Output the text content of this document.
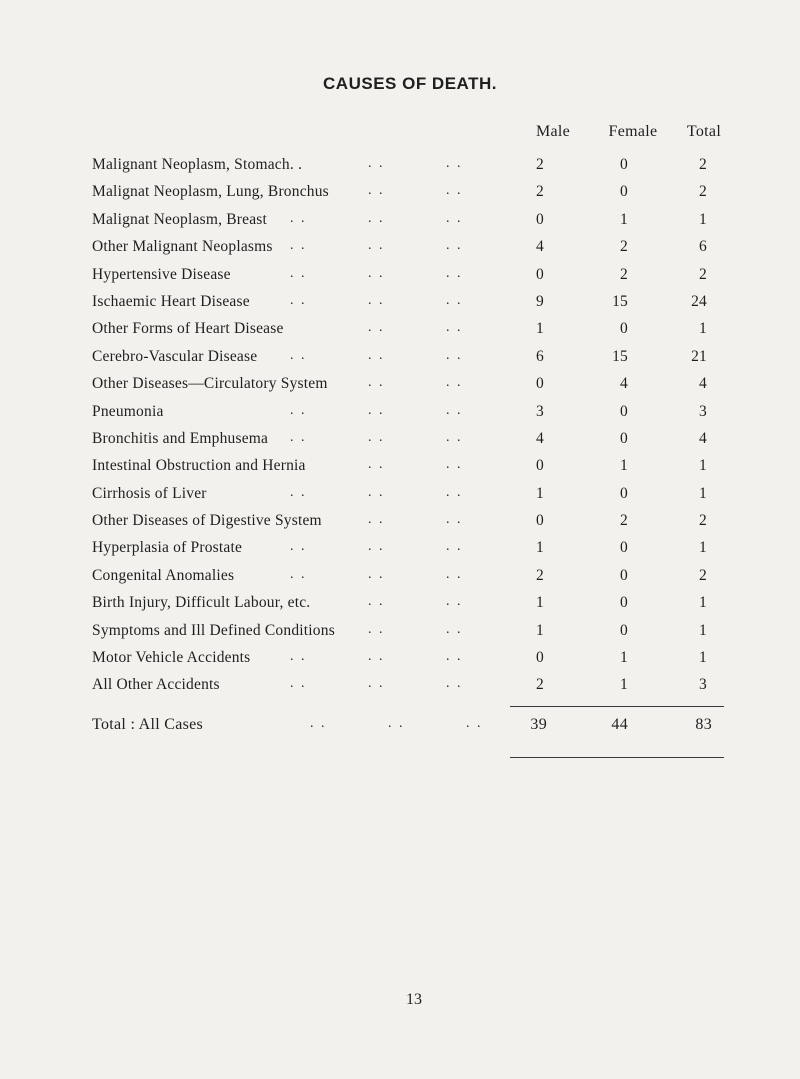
CAUSES OF DEATH.
Male	Female	Total
Malignant Neoplasm, Stomach. .	. .	. .	2	0	2
Malignat Neoplasm, Lung, Bronchus	. .	. .	2	0	2
Malignat Neoplasm, Breast . .	. .	. .	0	1	1
Other Malignant Neoplasms . .	. .	. .	4	2	6
Hypertensive Disease	. .	. .	. .	0	2	2
Ischaemic Heart Disease	. .	. .	. .	9	15	24
Other Forms of Heart Disease	. .	. .	1	0	1
Cerebro-Vascular Disease . .	. .	. .	6	15	21
Other Diseases—Circulatory System	. .	. .	0	4	4
Pneumonia	. .	. .	. .	3	0	3
Bronchitis and Emphusema . .	. .	. .	4	0	4
Intestinal Obstruction and Hernia	. .	. .	0	1	1
Cirrhosis of Liver	. .	. .	. .	1	0	1
Other Diseases of Digestive System	. .	. .	0	2	2
Hyperplasia of Prostate	. .	. .	. .	1	0	1
Congenital Anomalies	. .	. .	. .	2	0	2
Birth Injury, Difficult Labour, etc.	. .	. .	1	0	1
Symptoms and Ill Defined Conditions . .	. .	1	0	1
Motor Vehicle Accidents	. .	. .	. .	0	1	1
All Other Accidents	. .	. .	. .	2	1	3
Total : All Cases	. .	. .	. .	39	44	83
13
